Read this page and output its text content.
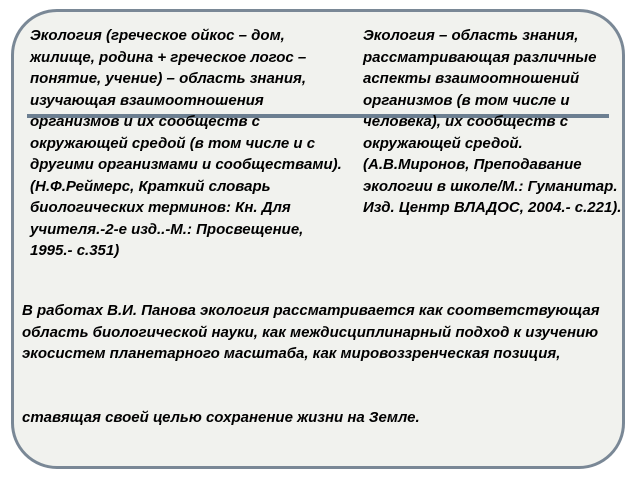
Экология (греческое ойкос – дом, жилище, родина + греческое логос – понятие, учение) – область знания, изучающая взаимоотношения организмов и их сообществ с окружающей средой (в том числе и с другими организмами и сообществами). (Н.Ф.Реймерс, Краткий словарь биологических терминов: Кн. Для учителя.-2-е изд..-М.: Просвещение, 1995.- с.351)

Экология – область знания, рассматривающая различные аспекты взаимоотношений организмов (в том числе и человека), их сообществ с окружающей средой. (А.В.Миронов, Преподавание экологии в школе/М.: Гуманитар. Изд. Центр ВЛАДОС, 2004.- с.221).

В работах В.И. Панова экология рассматривается как соответствующая область биологической науки, как междисциплинарный подход к изучению экосистем планетарного масштаба, как мировоззренческая позиция,

ставящая своей целью сохранение жизни на Земле.
